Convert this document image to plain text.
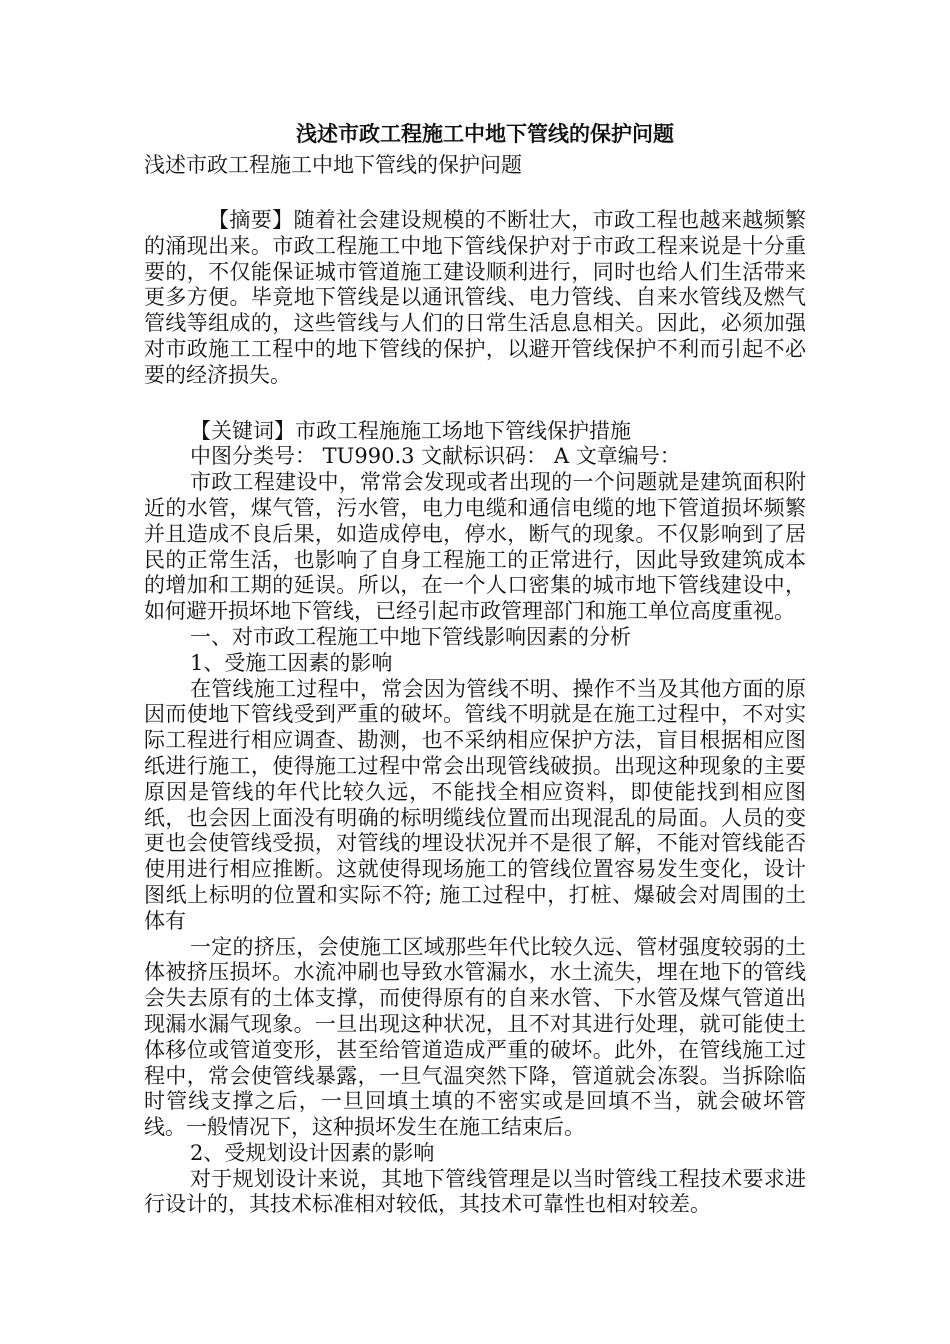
浅述市政工程施工中地下管线的保护问题

浅述市政工程施工中地下管线的保护问题

【摘要】随着社会建设规模的不断壮大，市政工程也越来越频繁的涌现出来。市政工程施工中地下管线保护对于市政工程来说是十分重要的，不仅能保证城市管道施工建设顺利进行，同时也给人们生活带来更多方便。毕竟地下管线是以通讯管线、电力管线、自来水管线及燃气管线等组成的，这些管线与人们的日常生活息息相关。因此，必须加强对市政施工工程中的地下管线的保护，以避开管线保护不利而引起不必要的经济损失。

【关键词】市政工程施施工场地下管线保护措施

中图分类号： TU990.3 文献标识码： A 文章编号：

市政工程建设中，常常会发现或者出现的一个问题就是建筑面积附近的水管，煤气管，污水管，电力电缆和通信电缆的地下管道损坏频繁并且造成不良后果，如造成停电，停水，断气的现象。不仅影响到了居民的正常生活，也影响了自身工程施工的正常进行，因此导致建筑成本的增加和工期的延误。所以，在一个人口密集的城市地下管线建设中，如何避开损坏地下管线，已经引起市政管理部门和施工单位高度重视。

一、对市政工程施工中地下管线影响因素的分析

1、受施工因素的影响

在管线施工过程中，常会因为管线不明、操作不当及其他方面的原因而使地下管线受到严重的破坏。管线不明就是在施工过程中，不对实际工程进行相应调查、勘测，也不采纳相应保护方法，盲目根据相应图纸进行施工，使得施工过程中常会出现管线破损。出现这种现象的主要原因是管线的年代比较久远，不能找全相应资料，即使能找到相应图纸，也会因上面没有明确的标明缆线位置而出现混乱的局面。人员的变更也会使管线受损，对管线的埋设状况并不是很了解，不能对管线能否使用进行相应推断。这就使得现场施工的管线位置容易发生变化，设计图纸上标明的位置和实际不符; 施工过程中，打桩、爆破会对周围的土体有

一定的挤压，会使施工区域那些年代比较久远、管材强度较弱的土体被挤压损坏。水流冲刷也导致水管漏水，水土流失，埋在地下的管线会失去原有的土体支撑，而使得原有的自来水管、下水管及煤气管道出现漏水漏气现象。一旦出现这种状况，且不对其进行处理，就可能使土体移位或管道变形，甚至给管道造成严重的破坏。此外，在管线施工过程中，常会使管线暴露，一旦气温突然下降，管道就会冻裂。当拆除临时管线支撑之后，一旦回填土填的不密实或是回填不当，就会破坏管线。一般情况下，这种损坏发生在施工结束后。

2、受规划设计因素的影响

对于规划设计来说，其地下管线管理是以当时管线工程技术要求进行设计的，其技术标准相对较低，其技术可靠性也相对较差。
